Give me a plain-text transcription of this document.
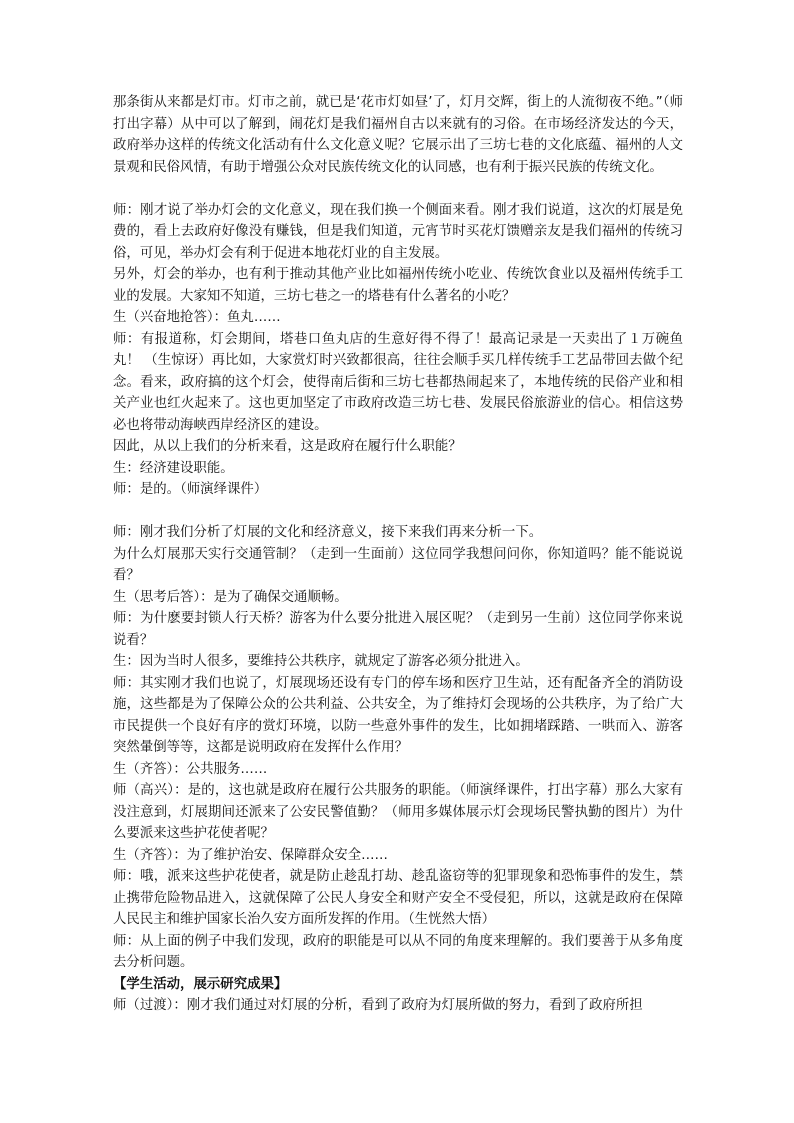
那条街从来都是灯市。灯市之前，就已是‘花市灯如昼’了，灯月交辉，街上的人流彻夜不绝。”（师打出字幕）从中可以了解到，闹花灯是我们福州自古以来就有的习俗。在市场经济发达的今天，政府举办这样的传统文化活动有什么文化意义呢？它展示出了三坊七巷的文化底蕴、福州的人文景观和民俗风情，有助于增强公众对民族传统文化的认同感，也有利于振兴民族的传统文化。

师：刚才说了举办灯会的文化意义，现在我们换一个侧面来看。刚才我们说道，这次的灯展是免费的，看上去政府好像没有赚钱，但是我们知道，元宵节时买花灯馈赠亲友是我们福州的传统习俗，可见，举办灯会有利于促进本地花灯业的自主发展。

另外，灯会的举办，也有利于推动其他产业比如福州传统小吃业、传统饮食业以及福州传统手工业的发展。大家知不知道，三坊七巷之一的塔巷有什么著名的小吃？

生（兴奋地抢答）：鱼丸……

师：有报道称，灯会期间，塔巷口鱼丸店的生意好得不得了！最高记录是一天卖出了１万碗鱼丸！ （生惊讶）再比如，大家赏灯时兴致都很高，往往会顺手买几样传统手工艺品带回去做个纪念。看来，政府搞的这个灯会，使得南后街和三坊七巷都热闹起来了，本地传统的民俗产业和相关产业也红火起来了。这也更加坚定了市政府改造三坊七巷、发展民俗旅游业的信心。相信这势必也将带动海峡西岸经济区的建设。

因此，从以上我们的分析来看，这是政府在履行什么职能？

生：经济建设职能。

师：是的。（师演绎课件）

师：刚才我们分析了灯展的文化和经济意义，接下来我们再来分析一下。

为什么灯展那天实行交通管制？（走到一生面前）这位同学我想问问你，你知道吗？能不能说说看？

生（思考后答）：是为了确保交通顺畅。

师：为什麽要封锁人行天桥？游客为什么要分批进入展区呢？（走到另一生前）这位同学你来说说看？

生：因为当时人很多，要维持公共秩序，就规定了游客必须分批进入。

师：其实刚才我们也说了，灯展现场还设有专门的停车场和医疗卫生站，还有配备齐全的消防设施，这些都是为了保障公众的公共利益、公共安全，为了维持灯会现场的公共秩序，为了给广大市民提供一个良好有序的赏灯环境，以防一些意外事件的发生，比如拥堵踩踏、一哄而入、游客突然暈倒等等，这都是说明政府在发挥什么作用？

生（齐答）：公共服务……

师（高兴）：是的，这也就是政府在履行公共服务的职能。（师演绎课件，打出字幕）那么大家有没注意到，灯展期间还派来了公安民警值勤？（师用多媒体展示灯会现场民警执勤的图片）为什么要派来这些护花使者呢？

生（齐答）：为了维护治安、保障群众安全……

师：哦，派来这些护花使者，就是防止趁乱打劫、趁乱盗窃等的犯罪现象和恐怖事件的发生，禁止携带危险物品进入，这就保障了公民人身安全和财产安全不受侵犯，所以，这就是政府在保障人民民主和维护国家长治久安方面所发挥的作用。（生恍然大悟）

师：从上面的例子中我们发现，政府的职能是可以从不同的角度来理解的。我们要善于从多角度去分析问题。

【学生活动，展示研究成果】

师（过渡）：刚才我们通过对灯展的分析，看到了政府为灯展所做的努力，看到了政府所担
